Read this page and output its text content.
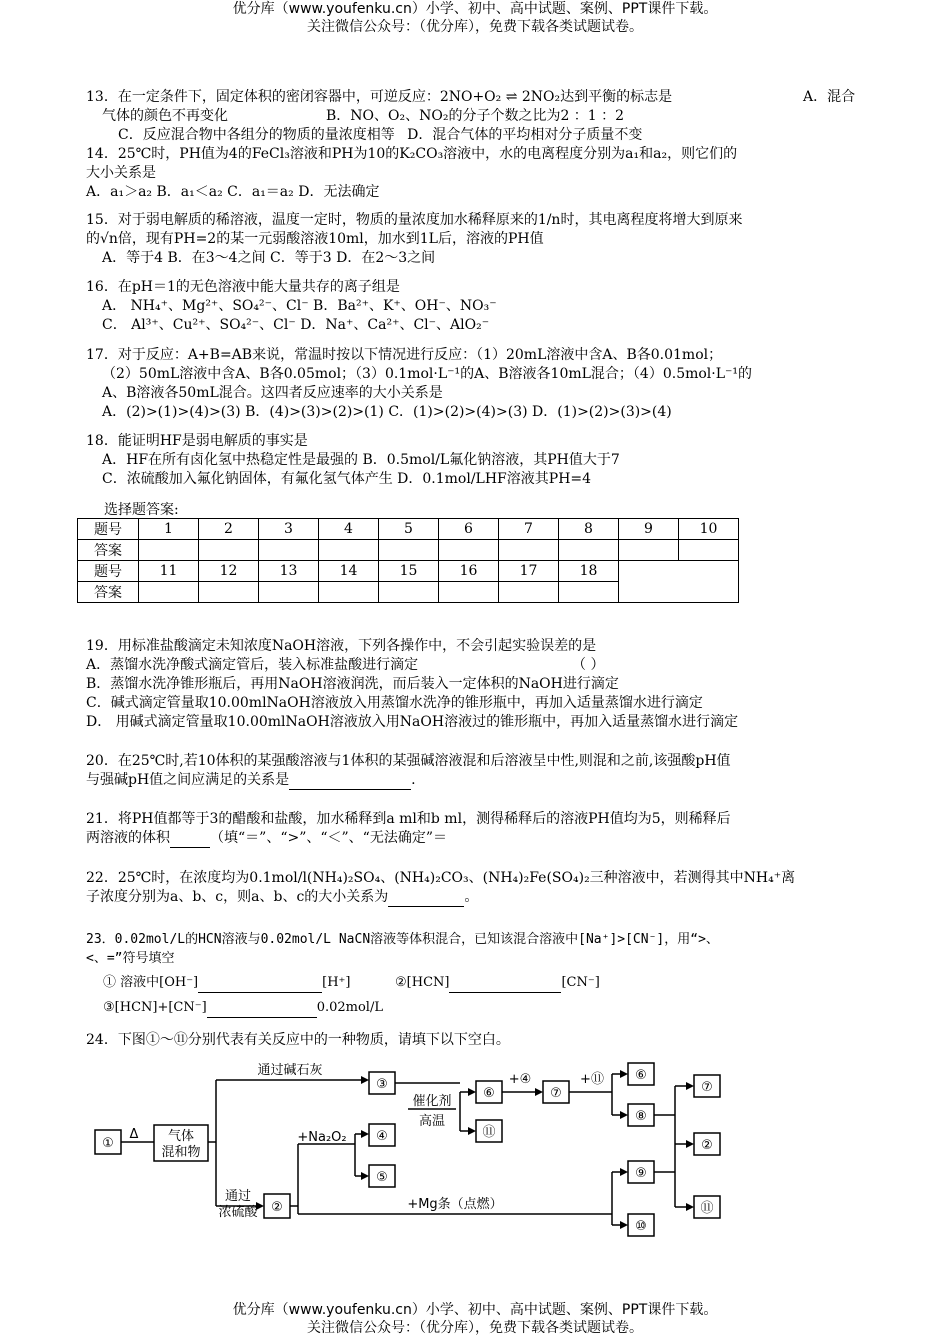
优分库（www.youfenku.cn）小学、初中、高中试题、案例、PPT课件下载。
关注微信公众号：（优分库），免费下载各类试题试卷。
13．在一定条件下，固定体积的密闭容器中，可逆反应：2NO+O₂ ⇌ 2NO₂达到平衡的标志是
气体的颜色不再变化	B．NO、O₂、NO₂的分子个数之比为2 ：1 ：2
C．反应混合物中各组分的物质的量浓度相等 D．混合气体的平均相对分子质量不变
A．混合
14．25℃时，PH值为4的FeCl₃溶液和PH为10的K₂CO₃溶液中，水的电离程度分别为a₁和a₂，则它们的
大小关系是
A．a₁＞a₂ B．a₁＜a₂ C．a₁＝a₂ D．无法确定
15．对于弱电解质的稀溶液，温度一定时，物质的量浓度加水稀释原来的1/n时，其电离程度将增大到原来
的√n倍，现有PH=2的某一元弱酸溶液10ml，加水到1L后，溶液的PH值
A．等于4 B．在3～4之间 C．等于3 D．在2～3之间
16．在pH＝1的无色溶液中能大量共存的离子组是
A． NH₄⁺、Mg²⁺、SO₄²⁻、Cl⁻ B．Ba²⁺、K⁺、OH⁻、NO₃⁻
C． Al³⁺、Cu²⁺、SO₄²⁻、Cl⁻ D．Na⁺、Ca²⁺、Cl⁻、AlO₂⁻
17．对于反应：A+B=AB来说，常温时按以下情况进行反应：（1）20mL溶液中含A、B各0.01mol；
（2）50mL溶液中含A、B各0.05mol；（3）0.1mol·L⁻¹的A、B溶液各10mL混合；（4）0.5mol·L⁻¹的
A、B溶液各50mL混合。这四者反应速率的大小关系是
A．(2)>(1)>(4)>(3) B．(4)>(3)>(2)>(1) C．(1)>(2)>(4)>(3) D．(1)>(2)>(3)>(4)
18．能证明HF是弱电解质的事实是
A．HF在所有卤化氢中热稳定性是最强的 B．0.5mol/L氟化钠溶液，其PH值大于7
C．浓硫酸加入氟化钠固体，有氟化氢气体产生 D．0.1mol/LHF溶液其PH=4
选择题答案:
题号	1	2	3	4	5	6	7	8	9	10
答案										
题号	11	12	13	14	15	16	17	18		
答案										
19．用标准盐酸滴定未知浓度NaOH溶液，下列各操作中，不会引起实验误差的是
A．蒸馏水洗净酸式滴定管后，装入标准盐酸进行滴定	（ ）
B．蒸馏水洗净锥形瓶后，再用NaOH溶液润洗，而后装入一定体积的NaOH进行滴定
C．碱式滴定管量取10.00mlNaOH溶液放入用蒸馏水洗净的锥形瓶中，再加入适量蒸馏水进行滴定
D． 用碱式滴定管量取10.00mlNaOH溶液放入用NaOH溶液过的锥形瓶中，再加入适量蒸馏水进行滴定
20．在25℃时,若10体积的某强酸溶液与1体积的某强碱溶液混和后溶液呈中性,则混和之前,该强酸pH值
与强碱pH值之间应满足的关系是	.
21．将PH值都等于3的醋酸和盐酸，加水稀释到a ml和b ml，测得稀释后的溶液PH值均为5，则稀释后
两溶液的体积	（填“＝”、“>”、“＜”、“无法确定”＝
22．25℃时，在浓度均为0.1mol/l(NH₄)₂SO₄、(NH₄)₂CO₃、(NH₄)₂Fe(SO₄)₂三种溶液中，若测得其中NH₄⁺离
子浓度分别为a、b、c，则a、b、c的大小关系为	。
23．0.02mol/L的HCN溶液与0.02mol/L NaCN溶液等体积混合，已知该混合溶液中[Na⁺]>[CN⁻]，用“>、
<、=”符号填空
① 溶液中[OH⁻]	[H⁺]	②[HCN]	[CN⁻]
③[HCN]+[CN⁻]	0.02mol/L
24．下图①～⑪分别代表有关反应中的一种物质，请填下以下空白。
①
Δ 气体
混和物
通过碱石灰
③
+Na₂O₂ ④
⑤
通过
浓硫酸 ②
催化剂
高温
⑥
⑪
+④
⑦
+⑪ ⑥
⑧
⑨
⑩
⑦
②
⑪
+Mg条（点燃）
优分库（www.youfenku.cn）小学、初中、高中试题、案例、PPT课件下载。
关注微信公众号：（优分库），免费下载各类试题试卷。
